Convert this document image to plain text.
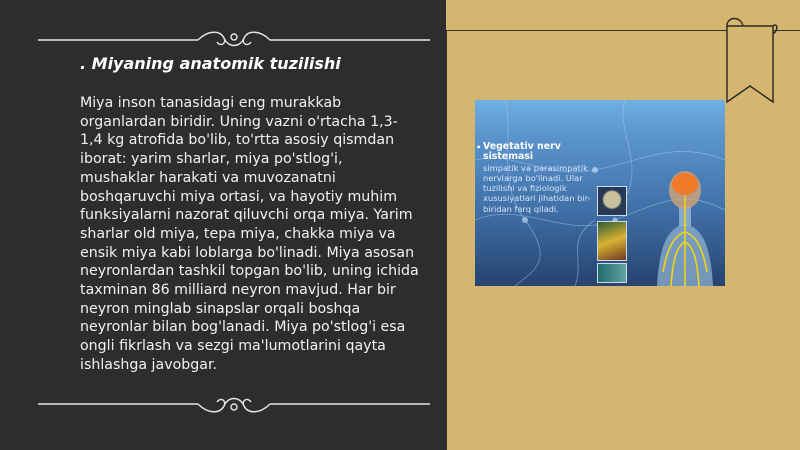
. Miyaning anatomik tuzilishi

Miya inson tanasidagi eng murakkab organlardan biridir. Uning vazni o'rtacha 1,3-1,4 kg atrofida bo'lib, to'rtta asosiy qismdan iborat: yarim sharlar, miya po'stlog'i, mushaklar harakati va muvozanatni boshqaruvchi miya ortasi, va hayotiy muhim funksiyalarni nazorat qiluvchi orqa miya. Yarim sharlar old miya, tepa miya, chakka miya va ensik miya kabi loblarga bo'linadi. Miya asosan neyronlardan tashkil topgan bo'lib, uning ichida taxminan 86 milliard neyron mavjud. Har bir neyron minglab sinapslar orqali boshqa neyronlar bilan bog'lanadi. Miya po'stlog'i esa ongli fikrlash va sezgi ma'lumotlarini qayta ishlashga javobgar.

• Vegetativ nerv sistemasi
simpatik va parasimpatik nervlarga bo'linadi. Ular tuzilishi va fiziologik xususiyatlari jihatidan bir-biridan farq qiladi.
